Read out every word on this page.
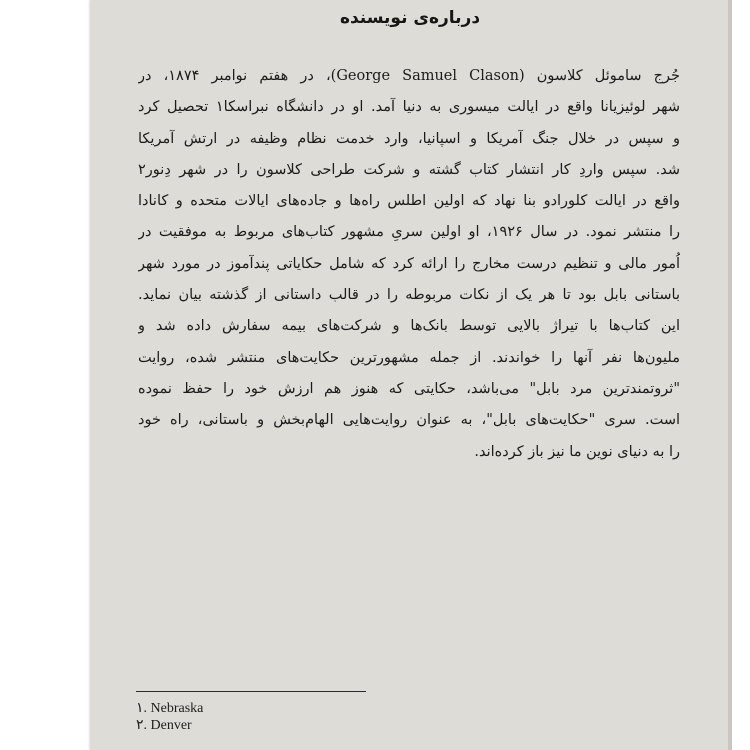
درباره‌ی نویسنده
جُرج ساموئل کلاسون (George Samuel Clason)، در هفتم نوامبر ۱۸۷۴، در
شهر لوئیزیانا واقع در ایالت میسوری به دنیا آمد. او در دانشگاه نبراسکا۱ تحصیل کرد
و سپس در خلال جنگ آمریکا و اسپانیا، وارد خدمت نظام وظیفه در ارتش آمریکا
شد. سپس واردِ کار انتشار کتاب گشته و شرکت طراحی کلاسون را در شهر دِنور۲
واقع در ایالت کلورادو بنا نهاد که اولین اطلس راه‌ها و جاده‌های ایالات متحده و کانادا
را منتشر نمود. در سال ۱۹۲۶، او اولین سریِ مشهور کتاب‌های مربوط به موفقیت در
اُمور مالی و تنظیم درست مخارج را ارائه کرد که شامل حکایاتی پندآموز در مورد شهر
باستانی بابل بود تا هر یک از نکات مربوطه را در قالب داستانی از گذشته بیان نماید.
این کتاب‌ها با تیراژ بالایی توسط بانک‌ها و شرکت‌های بیمه سفارش داده شد و
ملیون‌ها نفر آنها را خواندند. از جمله مشهورترین حکایت‌های منتشر شده، روایت
"ثروتمندترین مرد بابل" می‌باشد، حکایتی که هنوز هم ارزش خود را حفظ نموده
است. سری "حکایت‌های بابل"، به عنوان روایت‌هایی الهام‌بخش و باستانی، راه خود
را به دنیای نوین ما نیز باز کرده‌اند.
۱. Nebraska
۲. Denver
